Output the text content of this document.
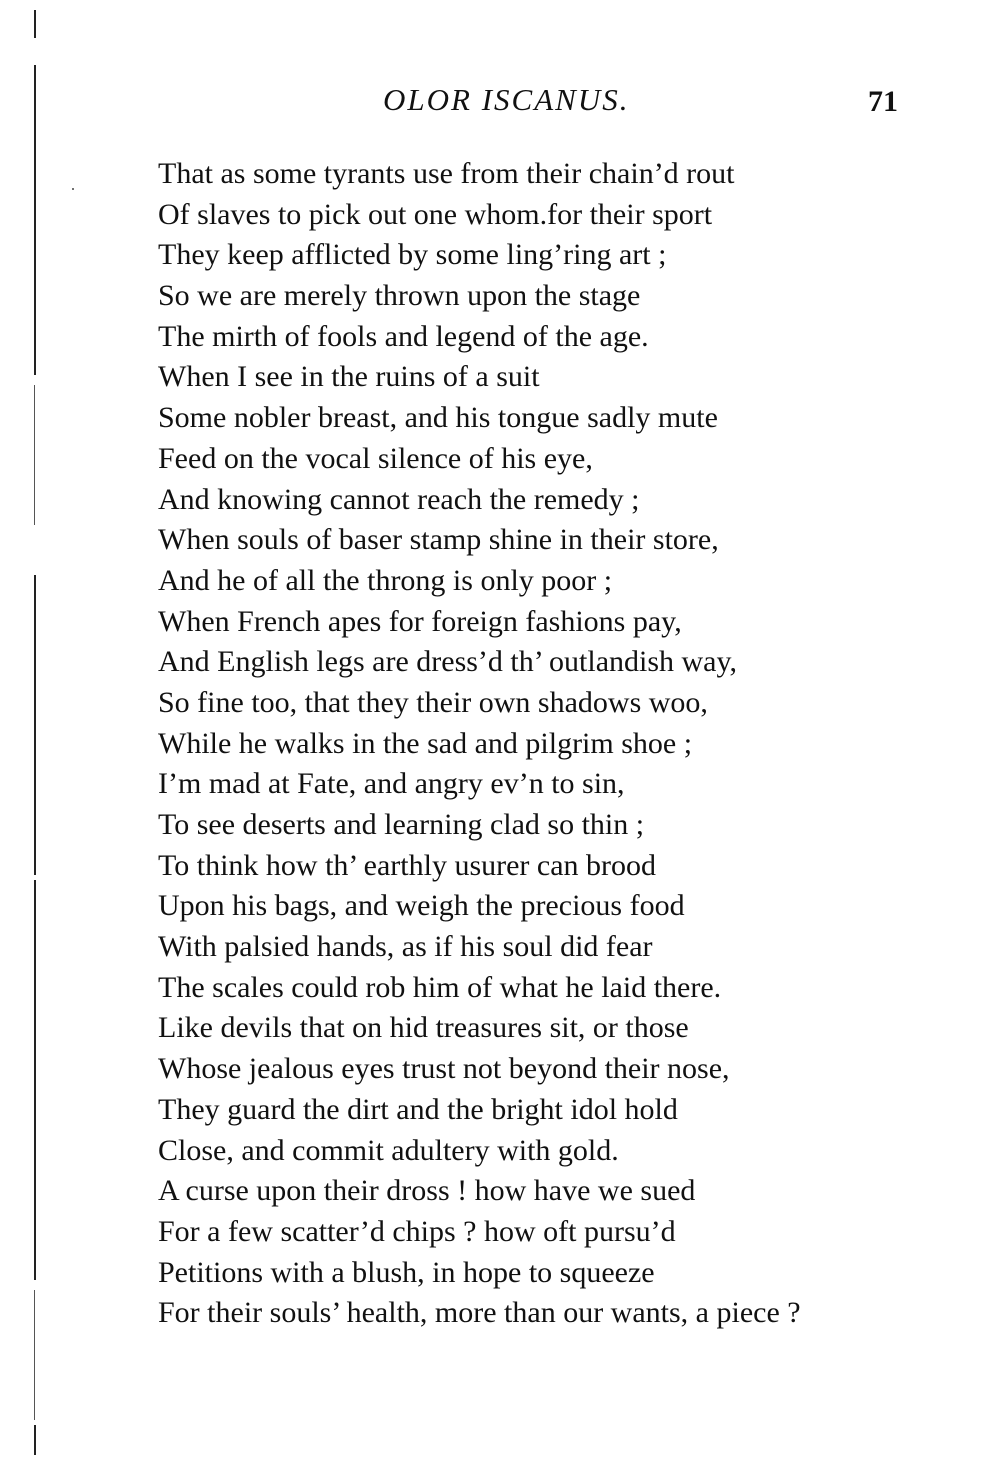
OLOR ISCANUS.	71
That as some tyrants use from their chain’d rout
Of slaves to pick out one whom.for their sport
They keep afflicted by some ling’ring art ;
So we are merely thrown upon the stage
The mirth of fools and legend of the age.
When I see in the ruins of a suit
Some nobler breast, and his tongue sadly mute
Feed on the vocal silence of his eye,
And knowing cannot reach the remedy ;
When souls of baser stamp shine in their store,
And he of all the throng is only poor ;
When French apes for foreign fashions pay,
And English legs are dress’d th’ outlandish way,
So fine too, that they their own shadows woo,
While he walks in the sad and pilgrim shoe ;
I’m mad at Fate, and angry ev’n to sin,
To see deserts and learning clad so thin ;
To think how th’ earthly usurer can brood
Upon his bags, and weigh the precious food
With palsied hands, as if his soul did fear
The scales could rob him of what he laid there.
Like devils that on hid treasures sit, or those
Whose jealous eyes trust not beyond their nose,
They guard the dirt and the bright idol hold
Close, and commit adultery with gold.
A curse upon their dross ! how have we sued
For a few scatter’d chips ? how oft pursu’d
Petitions with a blush, in hope to squeeze
For their souls’ health, more than our wants, a piece ?
